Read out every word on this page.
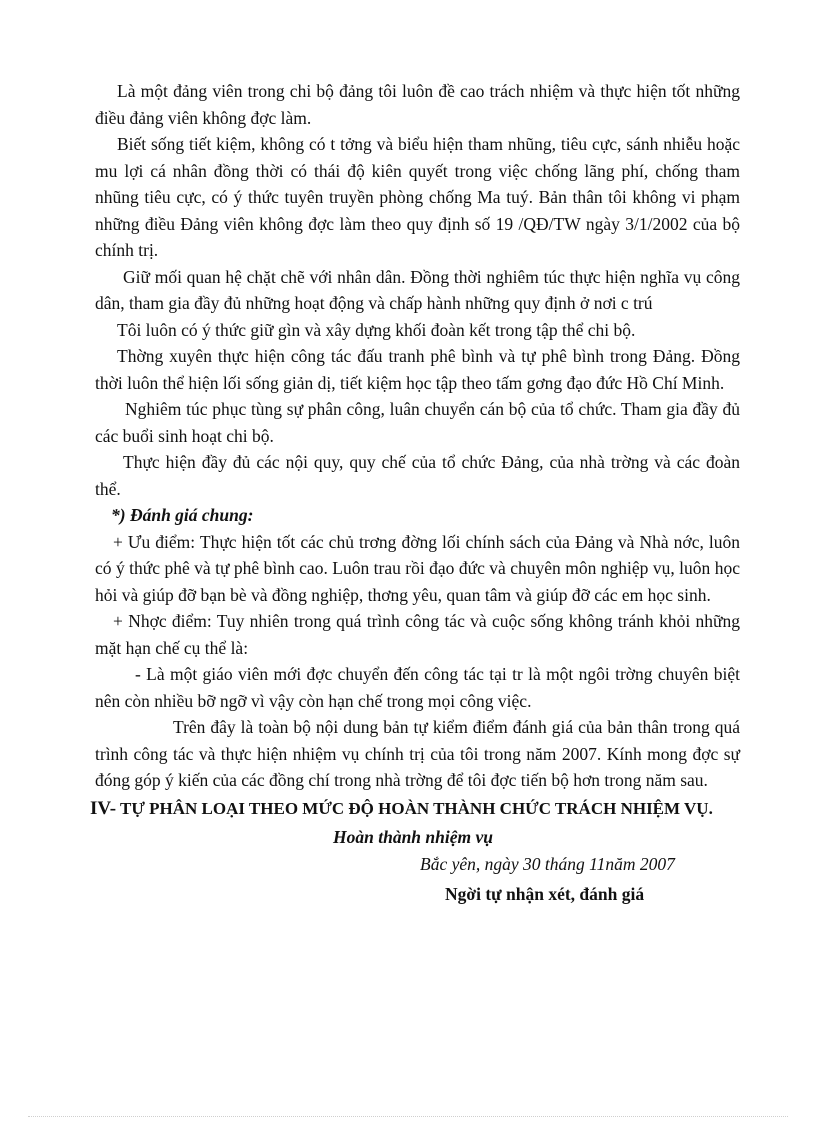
Là một đảng viên trong chi bộ đảng tôi luôn đề cao trách nhiệm và thực hiện tốt những điều đảng viên không đợc làm.

Biết sống tiết kiệm, không có t tởng và biểu hiện tham nhũng, tiêu cực, sánh nhiễu hoặc mu lợi cá nhân đồng thời có thái độ kiên quyết trong việc chống lãng phí, chống tham nhũng tiêu cực, có ý thức tuyên truyền phòng chống Ma tuý. Bản thân tôi không vi phạm những điều Đảng viên không đợc làm theo quy định số 19 /QĐ/TW ngày 3/1/2002 của bộ chính trị.

Giữ mối quan hệ chặt chẽ với nhân dân. Đồng thời nghiêm túc thực hiện nghĩa vụ công dân, tham gia đầy đủ những hoạt động và chấp hành những quy định ở nơi c trú

Tôi luôn có ý thức giữ gìn và xây dựng khối đoàn kết trong tập thể chi bộ.

Thờng xuyên thực hiện công tác đấu tranh phê bình và tự phê bình trong Đảng. Đồng thời luôn thể hiện lối sống giản dị, tiết kiệm học tập theo tấm gơng đạo đức Hồ Chí Minh.

Nghiêm túc phục tùng sự phân công, luân chuyển cán bộ của tổ chức. Tham gia đầy đủ các buổi sinh hoạt chi bộ.

Thực hiện đầy đủ các nội quy, quy chế của tổ chức Đảng, của nhà trờng và các đoàn thể.

*) Đánh giá chung:

+ Ưu điểm: Thực hiện tốt các chủ trơng đờng lối chính sách của Đảng và Nhà nớc, luôn có ý thức phê và tự phê bình cao. Luôn trau rồi đạo đức và chuyên môn nghiệp vụ, luôn học hỏi và giúp đỡ bạn bè và đồng nghiệp, thơng yêu, quan tâm và giúp đỡ các em học sinh.

+ Nhợc điểm: Tuy nhiên trong quá trình công tác và cuộc sống không tránh khỏi những mặt hạn chế cụ thể là:

- Là một giáo viên mới đợc chuyển đến công tác tại tr là một ngôi trờng chuyên biệt nên còn nhiều bỡ ngỡ vì vậy còn hạn chế trong mọi công việc.

Trên đây là toàn bộ nội dung bản tự kiểm điểm đánh giá của bản thân trong quá trình công tác và thực hiện nhiệm vụ chính trị của tôi trong năm 2007. Kính mong đợc sự đóng góp ý kiến của các đồng chí trong nhà trờng để tôi đợc tiến bộ hơn trong năm sau.

IV- TỰ PHÂN LOẠI THEO MỨC ĐỘ HOÀN THÀNH CHỨC TRÁCH NHIỆM VỤ.

Hoàn thành nhiệm vụ

Bắc yên, ngày 30 tháng 11năm 2007

Ngời tự nhận xét, đánh giá
